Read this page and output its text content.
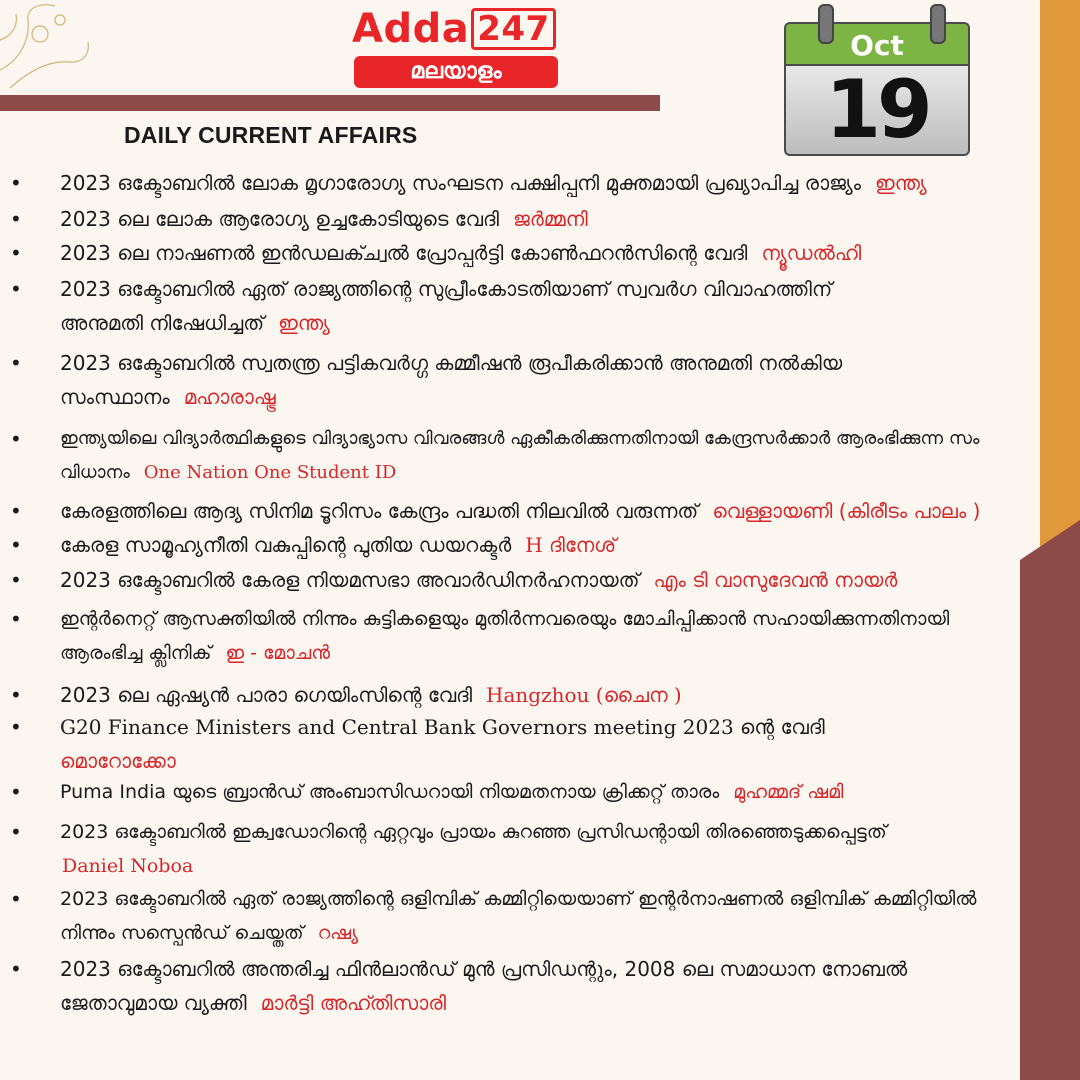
Adda 247
മലയാളം
DAILY CURRENT AFFAIRS
Oct
19
• 2023 ഒക്ടോബറിൽ ലോക മൃഗാരോഗ്യ സംഘടന പക്ഷിപ്പനി മുക്തമായി പ്രഖ്യാപിച്ച രാജ്യം ഇന്ത്യ
• 2023 ലെ ലോക ആരോഗ്യ ഉച്ചകോടിയുടെ വേദി ജർമ്മനി
• 2023 ലെ നാഷണൽ ഇൻഡലക്ച്വൽ പ്രോപ്പർട്ടി കോൺഫറൻസിന്റെ വേദി ന്യൂഡൽഹി
• 2023 ഒക്ടോബറിൽ ഏത് രാജ്യത്തിന്റെ സുപ്രീംകോടതിയാണ് സ്വവർഗ വിവാഹത്തിന്
അനുമതി നിഷേധിച്ചത് ഇന്ത്യ
• 2023 ഒക്ടോബറിൽ സ്വതന്ത്ര പട്ടികവർഗ്ഗ കമ്മീഷൻ രൂപീകരിക്കാൻ അനുമതി നൽകിയ
സംസ്ഥാനം മഹാരാഷ്ട്ര
• ഇന്ത്യയിലെ വിദ്യാർത്ഥികളുടെ വിദ്യാഭ്യാസ വിവരങ്ങൾ ഏകീകരിക്കുന്നതിനായി കേന്ദ്രസർക്കാർ ആരംഭിക്കുന്ന സം
വിധാനം One Nation One Student ID
• കേരളത്തിലെ ആദ്യ സിനിമ ടൂറിസം കേന്ദ്രം പദ്ധതി നിലവിൽ വരുന്നത് വെള്ളായണി (കിരീടം പാലം )
• കേരള സാമൂഹ്യനീതി വകുപ്പിന്റെ പുതിയ ഡയറക്ടർ H ദിനേശ്
• 2023 ഒക്ടോബറിൽ കേരള നിയമസഭാ അവാർഡിനർഹനായത് എം ടി വാസുദേവൻ നായർ
• ഇന്റർനെറ്റ് ആസക്തിയിൽ നിന്നും കുട്ടികളെയും മുതിർന്നവരെയും മോചിപ്പിക്കാൻ സഹായിക്കുന്നതിനായി
ആരംഭിച്ച ക്ലിനിക് ഇ - മോചൻ
• 2023 ലെ ഏഷ്യൻ പാരാ ഗെയിംസിന്റെ വേദി Hangzhou (ചൈന )
• G20 Finance Ministers and Central Bank Governors meeting 2023 ന്റെ വേദി
മൊറോക്കോ
• Puma India യുടെ ബ്രാൻഡ് അംബാസിഡറായി നിയമതനായ ക്രിക്കറ്റ് താരം മുഹമ്മദ് ഷമി
• 2023 ഒക്ടോബറിൽ ഇക്വഡോറിന്റെ ഏറ്റവും പ്രായം കുറഞ്ഞ പ്രസിഡന്റായി തിരഞ്ഞെടുക്കപ്പെട്ടത്
Daniel Noboa
• 2023 ഒക്ടോബറിൽ ഏത് രാജ്യത്തിന്റെ ഒളിമ്പിക് കമ്മിറ്റിയെയാണ് ഇന്റർനാഷണൽ ഒളിമ്പിക് കമ്മിറ്റിയിൽ
നിന്നും സസ്പെൻഡ് ചെയ്തത് റഷ്യ
• 2023 ഒക്ടോബറിൽ അന്തരിച്ച ഫിൻലാൻഡ് മുൻ പ്രസിഡന്റും, 2008 ലെ സമാധാന നോബൽ
ജേതാവുമായ വ്യക്തി മാർട്ടി അഹ്തിസാരി
